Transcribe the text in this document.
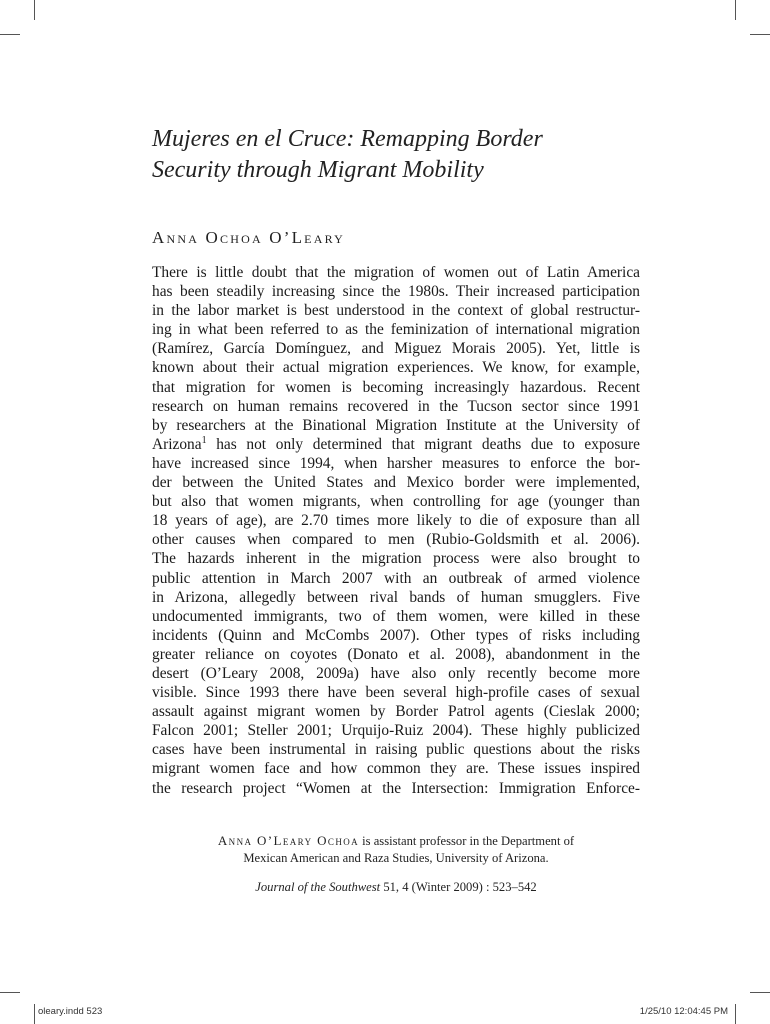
Mujeres en el Cruce: Remapping Border
Security through Migrant Mobility
Anna Ochoa O’Leary
There is little doubt that the migration of women out of Latin America
has been steadily increasing since the 1980s. Their increased participation
in the labor market is best understood in the context of global restructur-
ing in what been referred to as the feminization of international migration
(Ramírez, García Domínguez, and Miguez Morais 2005). Yet, little is
known about their actual migration experiences. We know, for example,
that migration for women is becoming increasingly hazardous. Recent
research on human remains recovered in the Tucson sector since 1991
by researchers at the Binational Migration Institute at the University of
Arizona$^1$ has not only determined that migrant deaths due to exposure
have increased since 1994, when harsher measures to enforce the bor-
der between the United States and Mexico border were implemented,
but also that women migrants, when controlling for age (younger than
18 years of age), are 2.70 times more likely to die of exposure than all
other causes when compared to men (Rubio-Goldsmith et al. 2006).
The hazards inherent in the migration process were also brought to
public attention in March 2007 with an outbreak of armed violence
in Arizona, allegedly between rival bands of human smugglers. Five
undocumented immigrants, two of them women, were killed in these
incidents (Quinn and McCombs 2007). Other types of risks including
greater reliance on coyotes (Donato et al. 2008), abandonment in the
desert (O’Leary 2008, 2009a) have also only recently become more
visible. Since 1993 there have been several high-profile cases of sexual
assault against migrant women by Border Patrol agents (Cieslak 2000;
Falcon 2001; Steller 2001; Urquijo-Ruiz 2004). These highly publicized
cases have been instrumental in raising public questions about the risks
migrant women face and how common they are. These issues inspired
the research project “Women at the Intersection: Immigration Enforce-
Anna O’Leary Ochoa is assistant professor in the Department of
Mexican American and Raza Studies, University of Arizona.
Journal of the Southwest 51, 4 (Winter 2009) : 523–542
oleary.indd 523	1/25/10 12:04:45 PM
